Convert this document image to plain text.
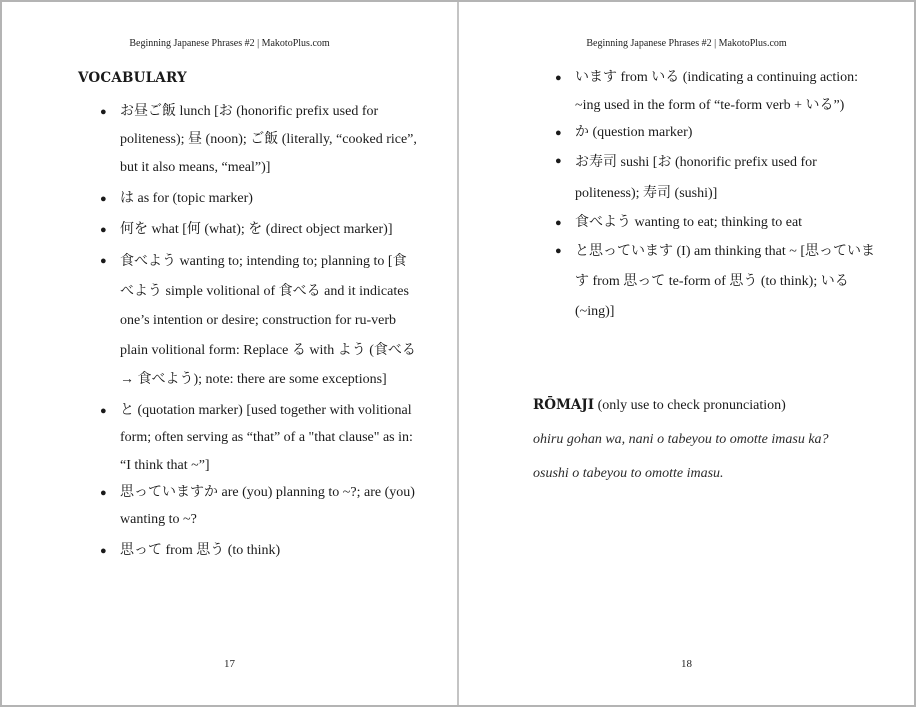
Beginning Japanese Phrases #2 | MakotoPlus.com
VOCABULARY
● お昼ご飯 lunch [お (honorific prefix used for politeness); 昼 (noon); ご飯 (literally, “cooked rice”, but it also means, “meal”)]
● は as for (topic marker)
● 何を what [何 (what); を (direct object marker)]
● 食べよう wanting to; intending to; planning to [食べよう simple volitional of 食べる and it indicates one’s intention or desire; construction for ru-verb plain volitional form: Replace る with よう (食べる → 食べよう); note: there are some exceptions]
● と (quotation marker) [used together with volitional form; often serving as “that” of a "that clause" as in: “I think that ~”]
● 思っていますか are (you) planning to ~?; are (you) wanting to ~?
● 思って from 思う (to think)
17
Beginning Japanese Phrases #2 | MakotoPlus.com
● います from いる (indicating a continuing action: ~ing used in the form of “te-form verb + いる”)
● か (question marker)
● お寿司 sushi [お (honorific prefix used for politeness); 寿司 (sushi)]
● 食べよう wanting to eat; thinking to eat
● と思っています (I) am thinking that ~ [思っています from 思って te-form of 思う (to think); いる (~ing)]

RŌMAJI (only use to check pronunciation)

ohiru gohan wa, nani o tabeyou to omotte imasu ka?

osushi o tabeyou to omotte imasu.

18
